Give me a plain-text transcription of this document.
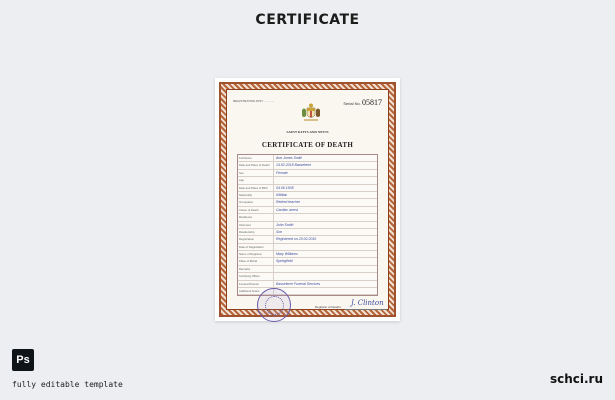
CERTIFICATE
REGISTRATION DIST. ............	Serial No. 05817
SAINT KITTS AND NEVIS
CERTIFICATE OF DEATH
Full Name	Ann Jones Smith
Date and Place of Death	14.02.2018 Basseterre
Sex	Female
Age
Date and Place of Birth	04.06.1938
Nationality	Kittitian
Occupation	Retired teacher
Cause of Death	Cardiac arrest
Residence
Informant	John Smith
Relationship	Son
Registration	Registered on 20.02.2018
Date of Registration
Name of Registrar	Mary Williams
Place of Burial	Springfield
Remarks
Certifying Officer
Funeral Director	Basseterre Funeral Services
Additional Notes
Registrar of Deaths J. Clinton
Ps
fully editable template	schci.ru
